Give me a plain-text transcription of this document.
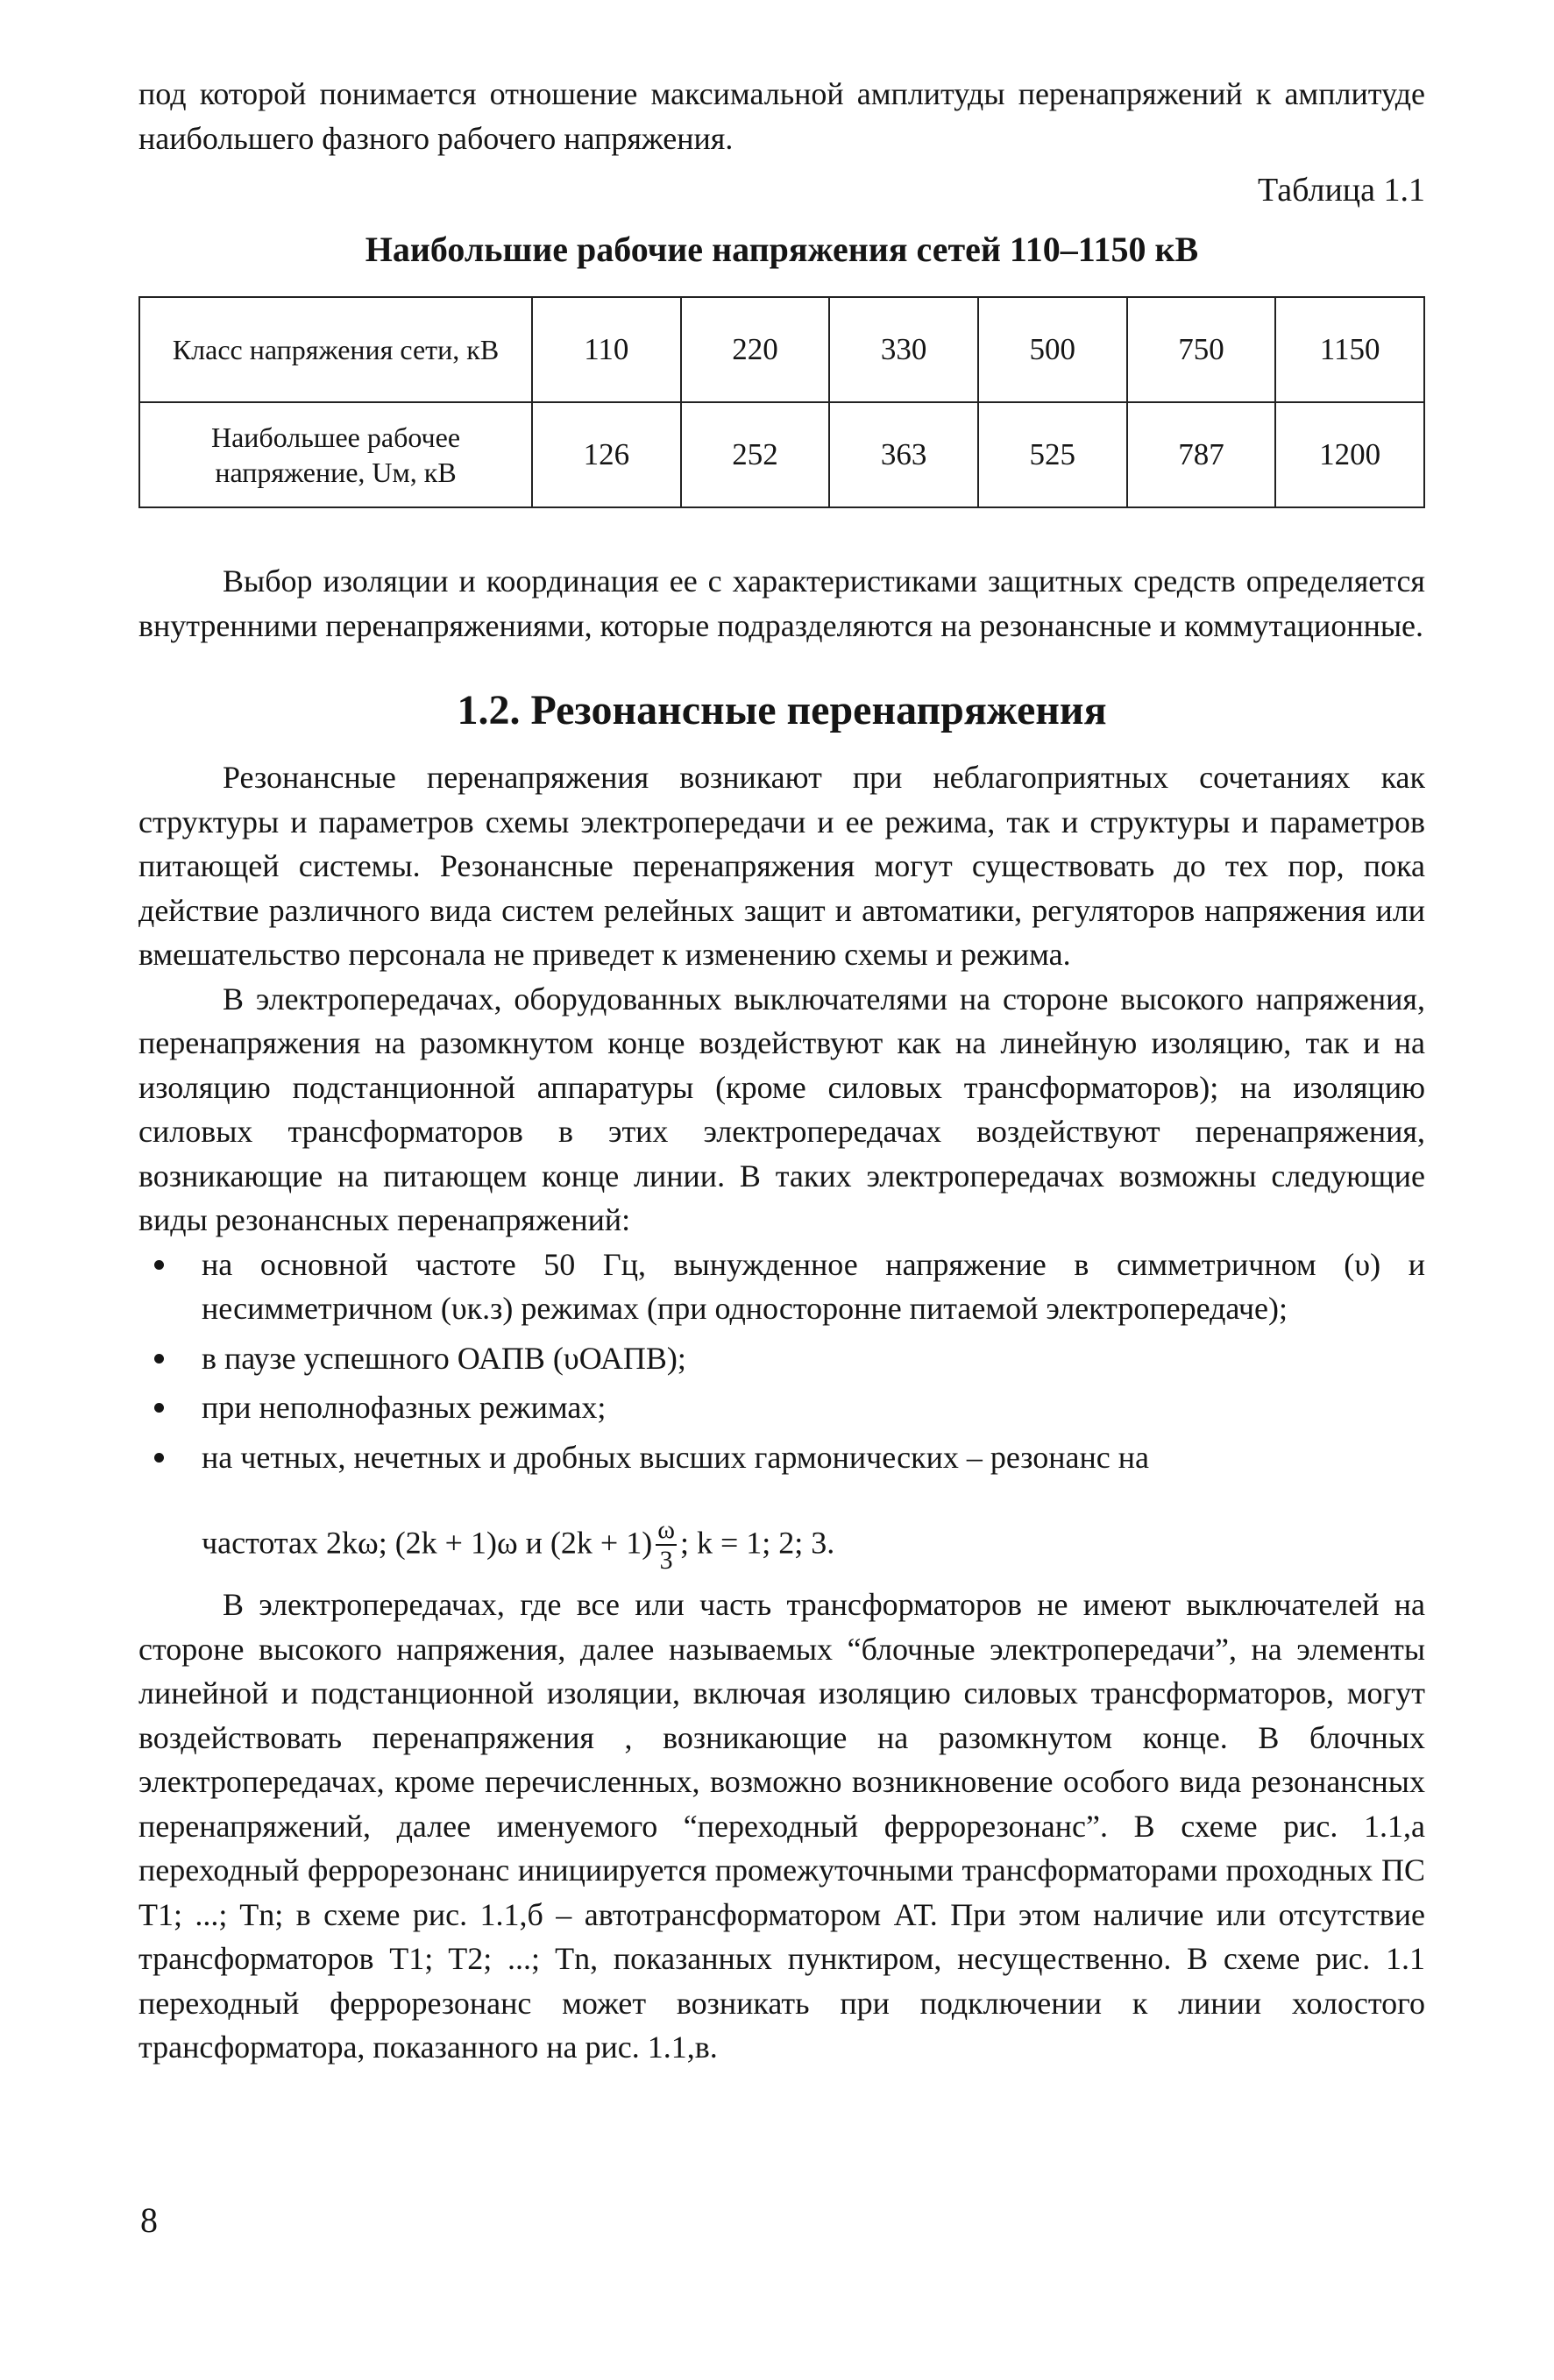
под которой понимается отношение максимальной амплитуды перенапряжений к амплитуде наибольшего фазного рабочего напряжения.

Таблица 1.1
Наибольшие рабочие напряжения сетей 110–1150 кВ
Класс напряжения сети, кВ	110	220	330	500	750	1150
Наибольшее рабочее напряжение, Uм, кВ	126	252	363	525	787	1200

Выбор изоляции и координация ее с характеристиками защитных средств определяется внутренними перенапряжениями, которые подразделяются на резонансные и коммутационные.

1.2. Резонансные перенапряжения

Резонансные перенапряжения возникают при неблагоприятных сочетаниях как структуры и параметров схемы электропередачи и ее режима, так и структуры и параметров питающей системы. Резонансные перенапряжения могут существовать до тех пор, пока действие различного вида систем релейных защит и автоматики, регуляторов напряжения или вмешательство персонала не приведет к изменению схемы и режима.

В электропередачах, оборудованных выключателями на стороне высокого напряжения, перенапряжения на разомкнутом конце воздействуют как на линейную изоляцию, так и на изоляцию подстанционной аппаратуры (кроме силовых трансформаторов); на изоляцию силовых трансформаторов в этих электропередачах воздействуют перенапряжения, возникающие на питающем конце линии. В таких электропередачах возможны следующие виды резонансных перенапряжений:

на основной частоте 50 Гц, вынужденное напряжение в симметричном (υ) и несимметричном (υк.з) режимах (при односторонне питаемой электропередаче);
в паузе успешного ОАПВ (υОАПВ);
при неполнофазных режимах;
на четных, нечетных и дробных высших гармонических – резонанс на
частотах 2kω; (2k + 1)ω и $(2k + 1) \frac{\omega}{3}$ ; k = 1; 2; 3.

В электропередачах, где все или часть трансформаторов не имеют выключателей на стороне высокого напряжения, далее называемых “блочные электропередачи”, на элементы линейной и подстанционной изоляции, включая изоляцию силовых трансформаторов, могут воздействовать перенапряжения , возникающие на разомкнутом конце. В блочных электропередачах, кроме перечисленных, возможно возникновение особого вида резонансных перенапряжений, далее именуемого “переходный феррорезонанс”. В схеме рис. 1.1,а переходный феррорезонанс инициируется промежуточными трансформаторами проходных ПС T1; ...; Tn; в схеме рис. 1.1,б – автотрансформатором АТ. При этом наличие или отсутствие трансформаторов T1; T2; ...; Tn, показанных пунктиром, несущественно. В схеме рис. 1.1 переходный феррорезонанс может возникать при подключении к линии холостого трансформатора, показанного на рис. 1.1,в.

8
